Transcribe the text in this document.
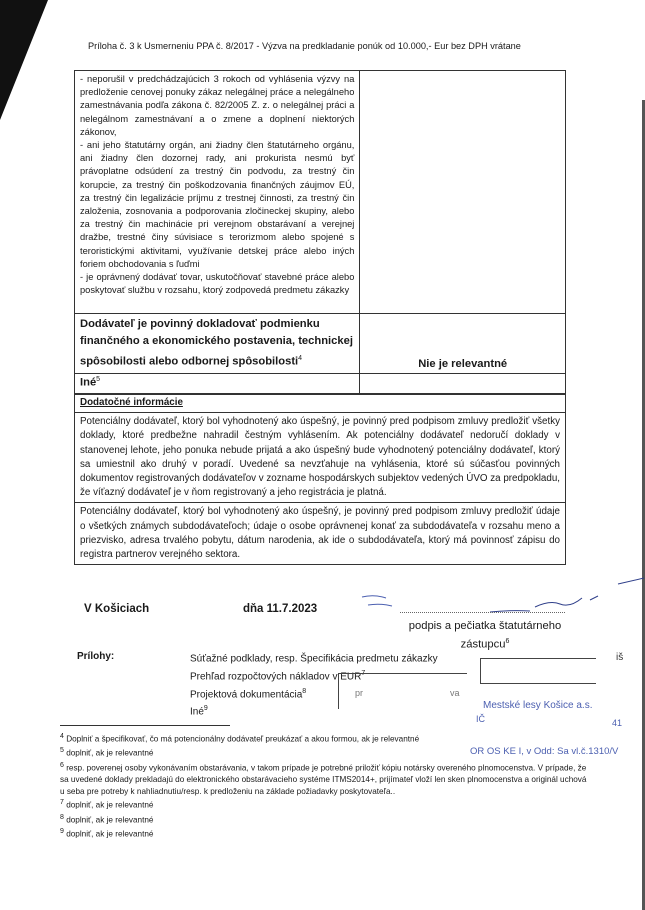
Príloha č. 3 k Usmerneniu PPA č. 8/2017 - Výzva na predkladanie ponúk od 10.000,- Eur bez DPH vrátane
- neporušil v predchádzajúcich 3 rokoch od vyhlásenia výzvy na predloženie cenovej ponuky zákaz nelegálnej práce a nelegálneho zamestnávania podľa zákona č. 82/2005 Z. z. o nelegálnej práci a nelegálnom zamestnávaní a o zmene a doplnení niektorých zákonov,
- ani jeho štatutárny orgán, ani žiadny člen štatutárneho orgánu, ani žiadny člen dozornej rady, ani prokurista nesmú byť právoplatne odsúdení za trestný čin podvodu, za trestný čin korupcie, za trestný čin poškodzovania finančných záujmov EÚ, za trestný čin legalizácie príjmu z trestnej činnosti, za trestný čin založenia, zosnovania a podporovania zločineckej skupiny, alebo za trestný čin machinácie pri verejnom obstarávaní a verejnej dražbe, trestné činy súvisiace s terorizmom alebo spojené s teroristickými aktivitami, využívanie detskej práce alebo iných foriem obchodovania s ľuďmi
- je oprávnený dodávať tovar, uskutočňovať stavebné práce alebo poskytovať službu v rozsahu, ktorý zodpovedá predmetu zákazky	

Dodávateľ je povinný dokladovať podmienku finančného a ekonomického postavenia, technickej spôsobilosti alebo odbornej spôsobilosti$^4$	Nie je relevantné
Iné$^5$	
Dodatočné informácie
Potenciálny dodávateľ, ktorý bol vyhodnotený ako úspešný, je povinný pred podpisom zmluvy predložiť všetky doklady, ktoré predbežne nahradil čestným vyhlásením. Ak potenciálny dodávateľ nedoručí doklady v stanovenej lehote, jeho ponuka nebude prijatá a ako úspešný bude vyhodnotený potenciálny dodávateľ, ktorý sa umiestnil ako druhý v poradí. Uvedené sa nevzťahuje na vyhlásenia, ktoré sú súčasťou povinných dokumentov registrovaných dodávateľov v zozname hospodárskych subjektov vedených ÚVO za predpokladu, že víťazný dodávateľ je v ňom registrovaný a jeho registrácia je platná.
Potenciálny dodávateľ, ktorý bol vyhodnotený ako úspešný, je povinný pred podpisom zmluvy predložiť údaje o všetkých známych subdodávateľoch; údaje o osobe oprávnenej konať za subdodávateľa v rozsahu meno a priezvisko, adresa trvalého pobytu, dátum narodenia, ak ide o subdodávateľa, ktorý má povinnosť zápisu do registra partnerov verejného sektora.
V Košiciach	dňa 11.7.2023
podpis a pečiatka štatutárneho zástupcu$^6$
Prílohy:	Súťažné podklady, resp. Špecifikácia predmetu zákazky
Prehľad rozpočtových nákladov v EUR$^7$
Projektová dokumentácia$^8$
Iné$^9$
pr	va
iš
Mestské lesy Košice a.s.
IČ	41
OR OS KE I, v Odd: Sa vl.č.1310/V
$^4$ Doplniť a špecifikovať, čo má potencionálny dodávateľ preukázať a akou formou, ak je relevantné
$^5$ doplniť, ak je relevantné
$^6$ resp. poverenej osoby vykonávaním obstarávania, v takom prípade je potrebné priložiť kópiu notársky overeného plnomocenstva. V prípade, že sa uvedené doklady prekladajú do elektronického obstarávacieho systéme ITMS2014+, prijímateľ vloží len sken plnomocenstva a originál uchová u seba pre potreby k nahliadnutiu/resp. k predloženiu na základe požiadavky poskytovateľa..
$^7$ doplniť, ak je relevantné
$^8$ doplniť, ak je relevantné
$^9$ doplniť, ak je relevantné
